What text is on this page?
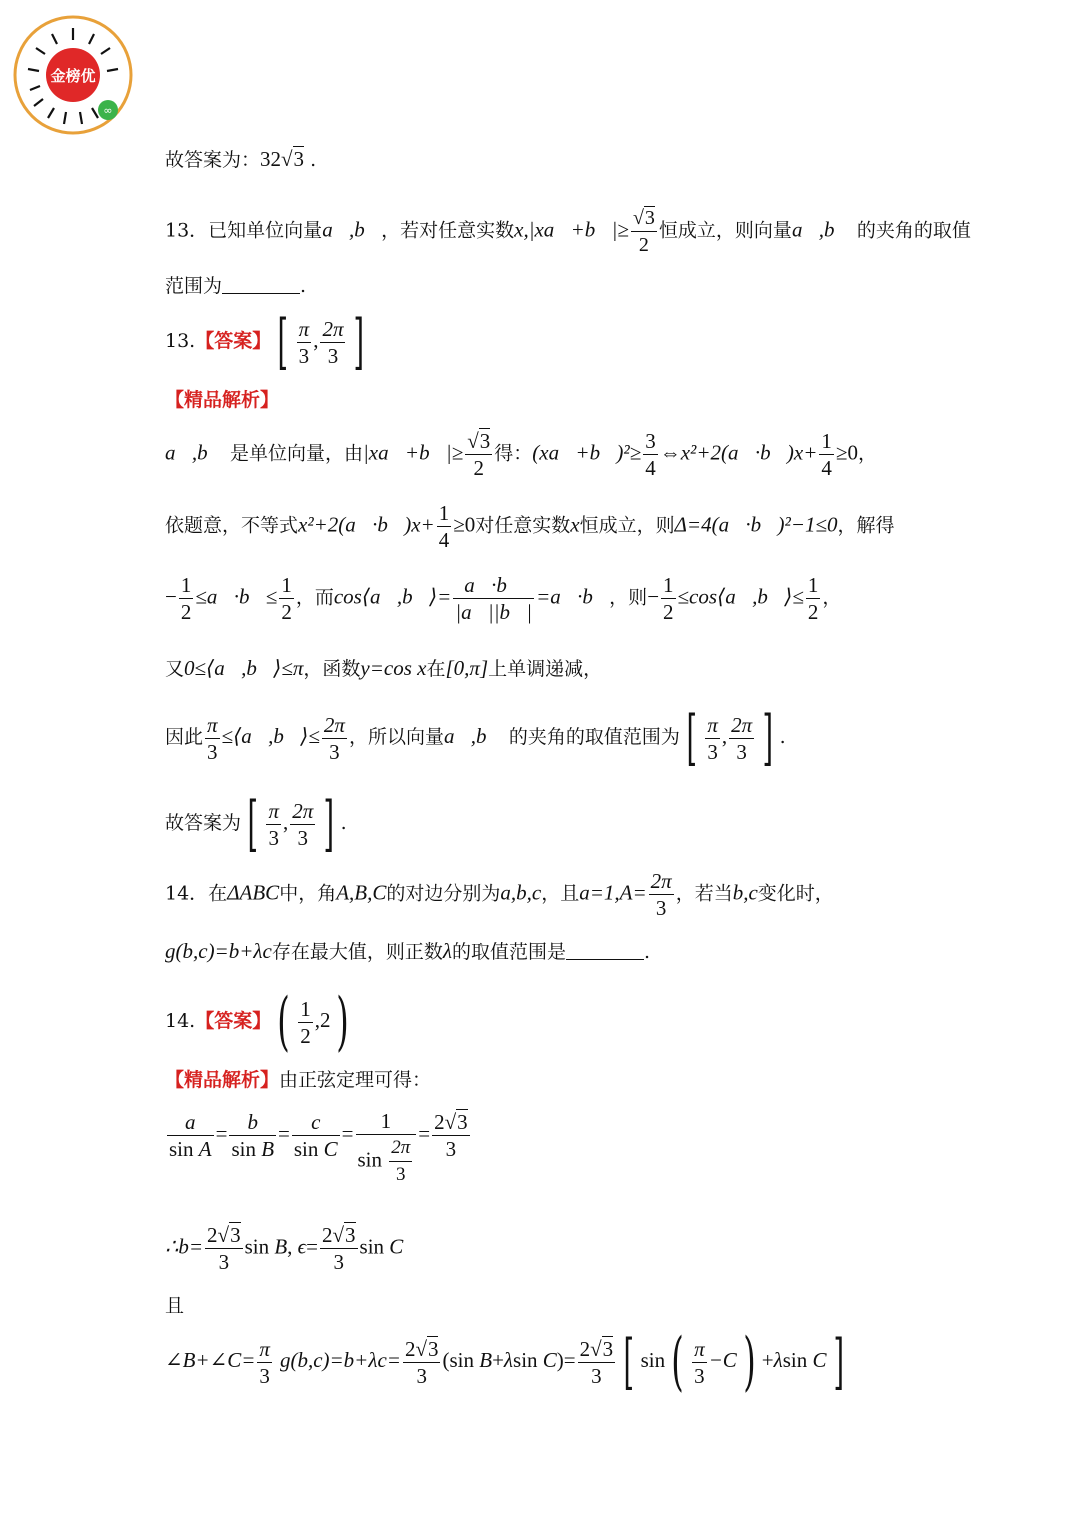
金榜优
∞
故答案为：32√3 .
13．已知单位向量a⃗,b⃗，若对任意实数x,|xa⃗+b⃗|≥ $\frac{√3}{2}$ 恒成立，则向量a⃗,b⃗ 的夹角的取值
范围为	.
13.【答案】 [ $\frac{\pi}{3}$ , $\frac{2\pi}{3}$ ]
【精品解析】
a⃗,b⃗ 是单位向量，由|xa⃗+b⃗|≥ $\frac{√3}{2}$ 得：(xa⃗+b⃗)²≥ $\frac{3}{4}$ ⇔x²+2(a⃗·b⃗)x+ $\frac{1}{4} \ge 0$，
依题意，不等式x²+2(a⃗·b⃗)x+ $\frac{1}{4} \ge 0$对任意实数x恒成立，则Δ=4(a⃗·b⃗)²−1≤0，解得
− $\frac{1}{2}$ ≤a⃗·b⃗≤ $\frac{1}{2}$ ，而cos⟨a⃗,b⃗⟩= $\frac{a⃗\cdot b⃗}{|a⃗||b⃗|}$ =a⃗·b⃗，则− $\frac{1}{2}$ ≤cos⟨a⃗,b⃗⟩≤ $\frac{1}{2}$ ，
又0≤⟨a⃗,b⃗⟩≤π，函数y=cos x在[0,π]上单调递减，
因此 $\frac{\pi}{3}$ ≤⟨a⃗,b⃗⟩≤ $\frac{2\pi}{3}$ ，所以向量a⃗,b⃗ 的夹角的取值范围为 [ $\frac{\pi}{3}$ , $\frac{2\pi}{3}$ ] .
故答案为 [ $\frac{\pi}{3}$ , $\frac{2\pi}{3}$ ] .
14．在ΔABC中，角A,B,C的对边分别为a,b,c，且$a=1,A= \frac{2\pi}{3}$ ，若当b,c变化时，
g(b,c)=b+λc存在最大值，则正数λ的取值范围是	.
14.【答案】( $\frac{1}{2} ,2$)
【精品解析】由正弦定理可得：
$\frac{a}{\text{sin A}} = \frac{b}{\text{sin B}} = \frac{c}{\text{sin C}} = \frac{1}{\sin \frac{2\pi}{3}} = \frac{2√3}{3}$
∴b= $\frac{2√3}{3}$ sin B, $\epsilon= \frac{2√3}{3}$ sin C
且
∠B+∠C= $\frac{\pi}{3} g(b,c)=b+\lambda c= \frac{2√3}{3} (\sin$ B+λsin $C)= \frac{2√3}{3}$ [ $\sin( \frac{\pi}{3} -C) +\lambda\sin$ C ]
